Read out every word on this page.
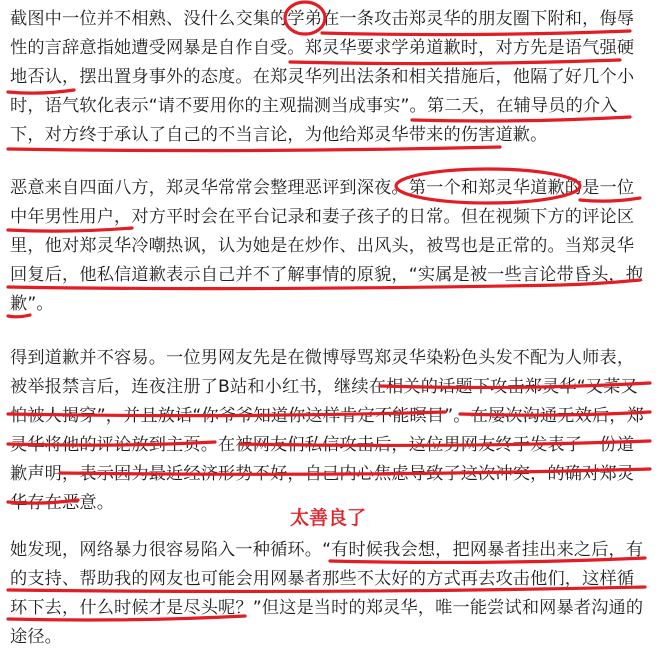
截图中一位并不相熟、没什么交集的学弟在一条攻击郑灵华的朋友圈下附和，侮辱性的言辞意指她遭受网暴是自作自受。郑灵华要求学弟道歉时，对方先是语气强硬地否认，摆出置身事外的态度。在郑灵华列出法条和相关措施后，他隔了好几个小时，语气软化表示“请不要用你的主观揣测当成事实”。第二天，在辅导员的介入下，对方终于承认了自己的不当言论，为他给郑灵华带来的伤害道歉。

恶意来自四面八方，郑灵华常常会整理恶评到深夜。第一个和郑灵华道歉的是一位中年男性用户，对方平时会在平台记录和妻子孩子的日常。但在视频下方的评论区里，他对郑灵华冷嘲热讽，认为她是在炒作、出风头，被骂也是正常的。当郑灵华回复后，他私信道歉表示自己并不了解事情的原貌，“实属是被一些言论带昏头，抱歉”。

得到道歉并不容易。一位男网友先是在微博辱骂郑灵华染粉色头发不配为人师表，被举报禁言后，连夜注册了B站和小红书，继续在相关的话题下攻击郑灵华“又菜又怕被人揭穿”，并且放话“你爷爷知道你这样肯定不能瞑目”。在屡次沟通无效后，郑灵华将他的评论放到主页。在被网友们私信攻击后，这位男网友终于发表了一份道歉声明，表示因为最近经济形势不好，自己内心焦虑导致了这次冲突，的确对郑灵华存在恶意。

太善良了

她发现，网络暴力很容易陷入一种循环。“有时候我会想，把网暴者挂出来之后，有的支持、帮助我的网友也可能会用网暴者那些不太好的方式再去攻击他们，这样循环下去，什么时候才是尽头呢？”但这是当时的郑灵华，唯一能尝试和网暴者沟通的途径。
